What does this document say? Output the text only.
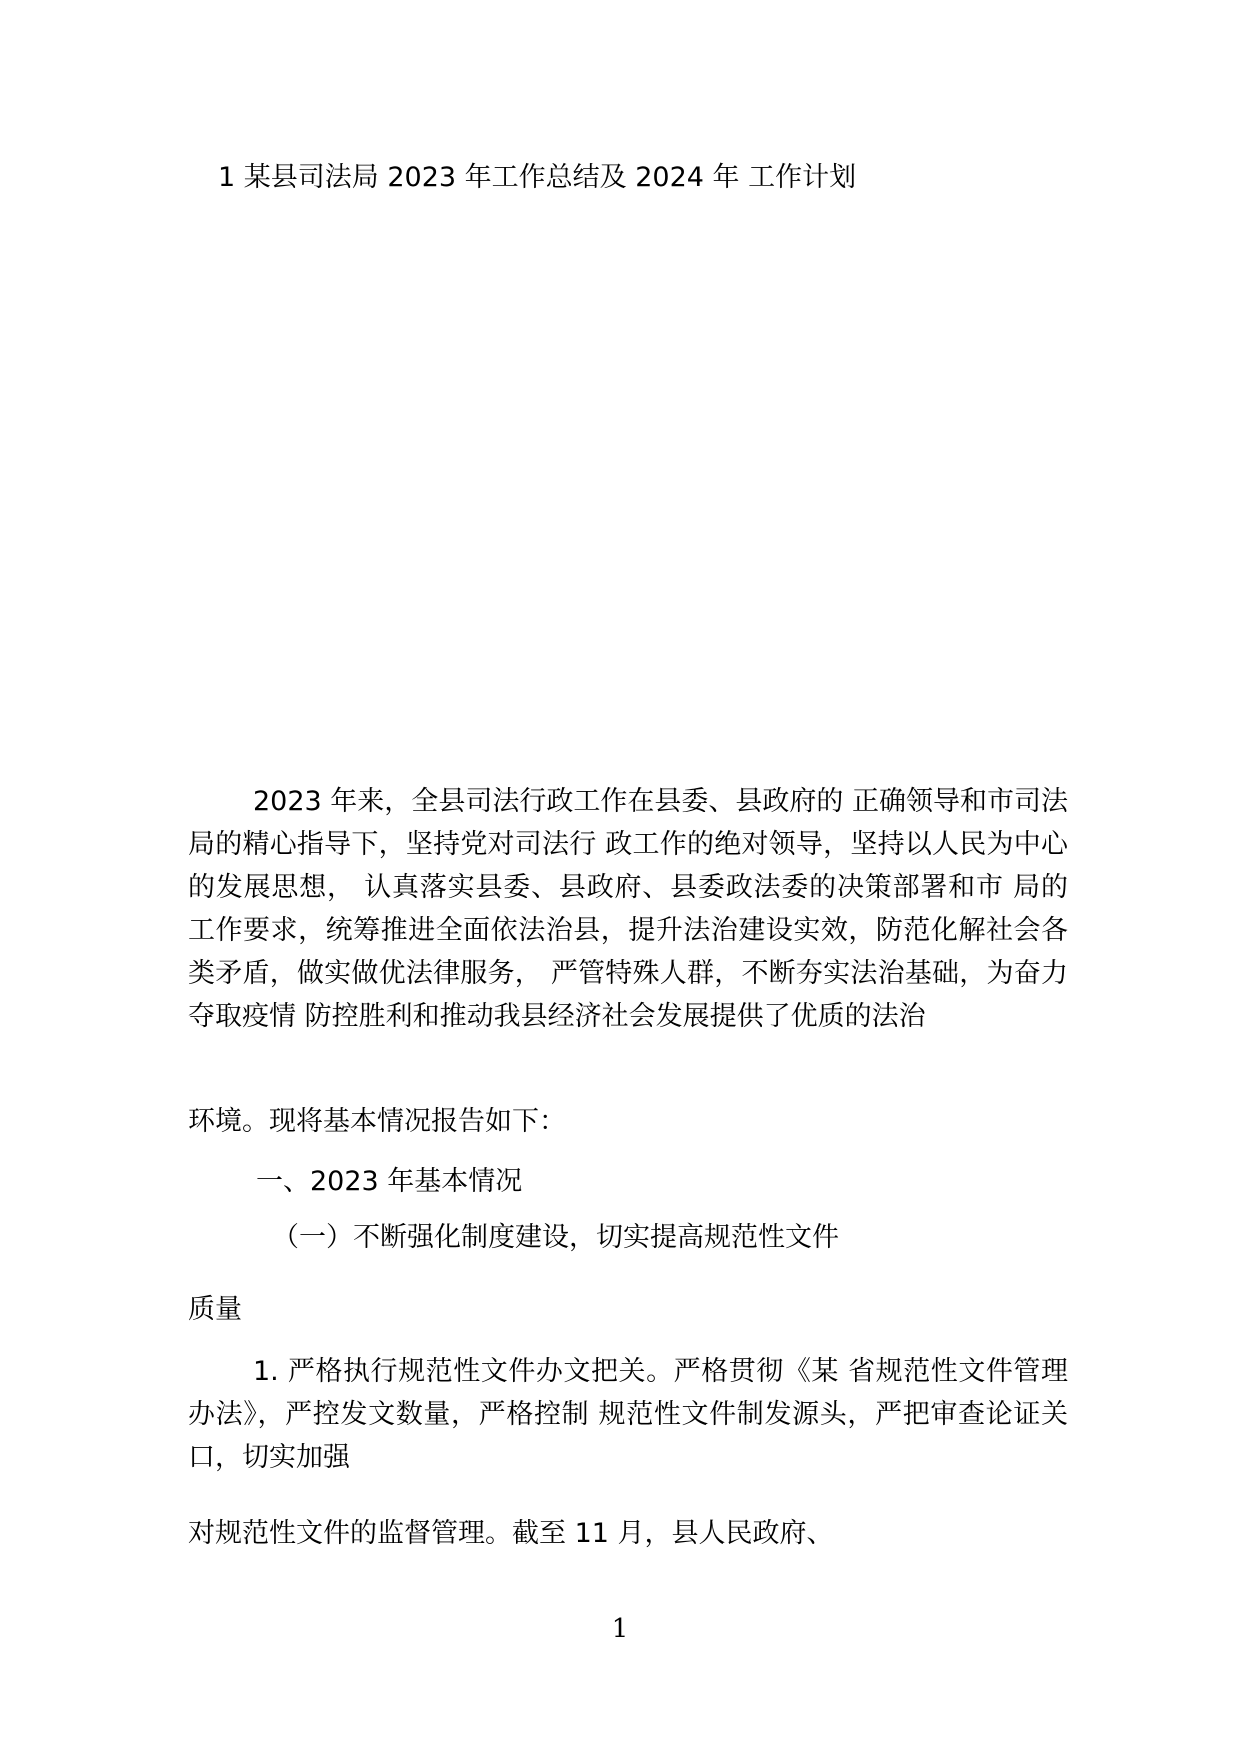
1 某县司法局 2023 年工作总结及 2024 年 工作计划

2023 年来，全县司法行政工作在县委、县政府的 正确领导和市司法局的精心指导下，坚持党对司法行 政工作的绝对领导，坚持以人民为中心的发展思想， 认真落实县委、县政府、县委政法委的决策部署和市 局的工作要求，统筹推进全面依法治县，提升法治建设实效，防范化解社会各类矛盾，做实做优法律服务， 严管特殊人群，不断夯实法治基础，为奋力夺取疫情 防控胜利和推动我县经济社会发展提供了优质的法治

环境。现将基本情况报告如下：

一、2023 年基本情况
（一）不断强化制度建设，切实提高规范性文件

质量

1. 严格执行规范性文件办文把关。严格贯彻《某 省规范性文件管理办法》，严控发文数量，严格控制 规范性文件制发源头，严把审查论证关口，切实加强

对规范性文件的监督管理。截至 11 月，县人民政府、

1
